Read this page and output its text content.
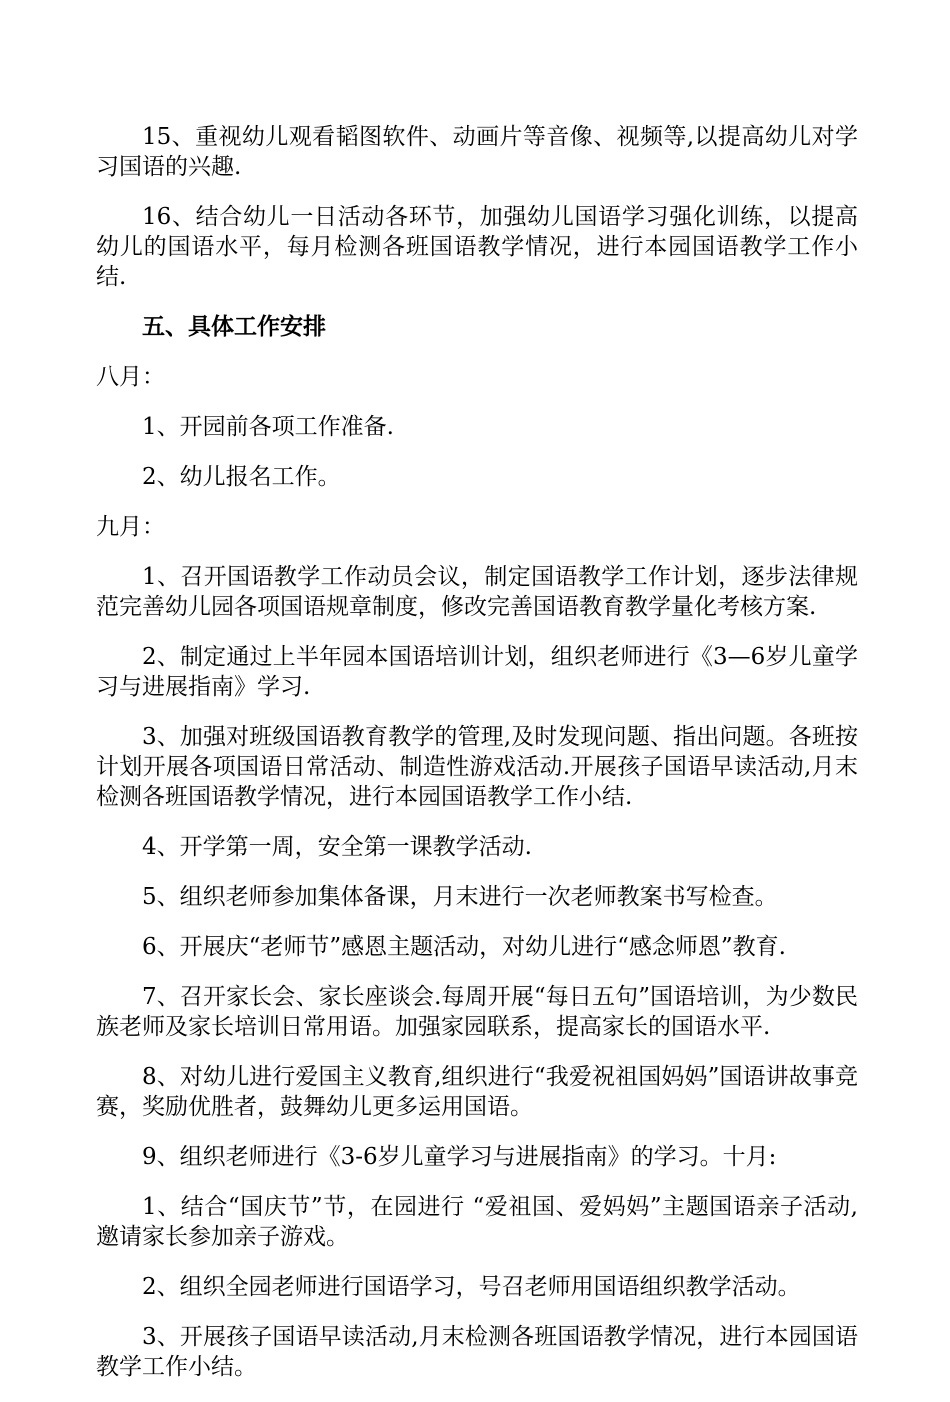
15、重视幼儿观看韬图软件、动画片等音像、视频等,以提高幼儿对学习国语的兴趣.

16、结合幼儿一日活动各环节，加强幼儿国语学习强化训练，以提高幼儿的国语水平，每月检测各班国语教学情况，进行本园国语教学工作小结.

五、具体工作安排

八月：

1、开园前各项工作准备.

2、幼儿报名工作。

九月：

1、召开国语教学工作动员会议，制定国语教学工作计划，逐步法律规范完善幼儿园各项国语规章制度，修改完善国语教育教学量化考核方案.

2、制定通过上半年园本国语培训计划，组织老师进行《3—6岁儿童学习与进展指南》学习.

3、加强对班级国语教育教学的管理,及时发现问题、指出问题。各班按计划开展各项国语日常活动、制造性游戏活动.开展孩子国语早读活动,月末检测各班国语教学情况，进行本园国语教学工作小结.

4、开学第一周，安全第一课教学活动.

5、组织老师参加集体备课，月末进行一次老师教案书写检查。

6、开展庆“老师节”感恩主题活动，对幼儿进行“感念师恩”教育.

7、召开家长会、家长座谈会.每周开展“每日五句”国语培训，为少数民族老师及家长培训日常用语。加强家园联系，提高家长的国语水平.

8、对幼儿进行爱国主义教育,组织进行“我爱祝祖国妈妈”国语讲故事竞赛，奖励优胜者，鼓舞幼儿更多运用国语。

9、组织老师进行《3-6岁儿童学习与进展指南》的学习。十月:

1、结合“国庆节”节，在园进行 “爱祖国、爱妈妈”主题国语亲子活动,邀请家长参加亲子游戏。

2、组织全园老师进行国语学习，号召老师用国语组织教学活动。

3、开展孩子国语早读活动,月末检测各班国语教学情况，进行本园国语教学工作小结。
